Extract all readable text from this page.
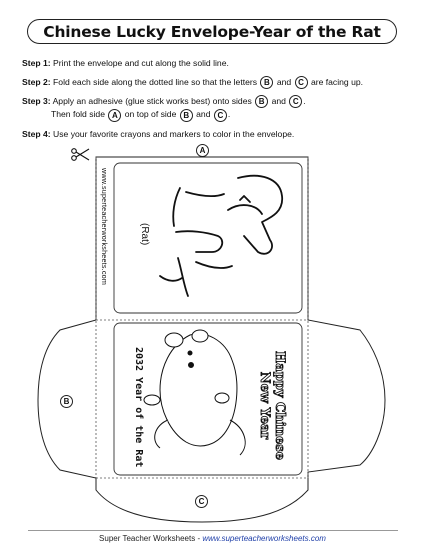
Chinese Lucky Envelope-Year of the Rat
Step 1: Print the envelope and cut along the solid line.
Step 2: Fold each side along the dotted line so that the letters B and C are facing up.
Step 3: Apply an adhesive (glue stick works best) onto sides B and C .
Then fold side A on top of side B and C .
Step 4: Use your favorite crayons and markers to color in the envelope.
A
B
C
www.superteacherworksheets.com	(Rat)
2032 Year of the Rat	Happy Chinese
New Year
Super Teacher Worksheets - www.superteacherworksheets.com
